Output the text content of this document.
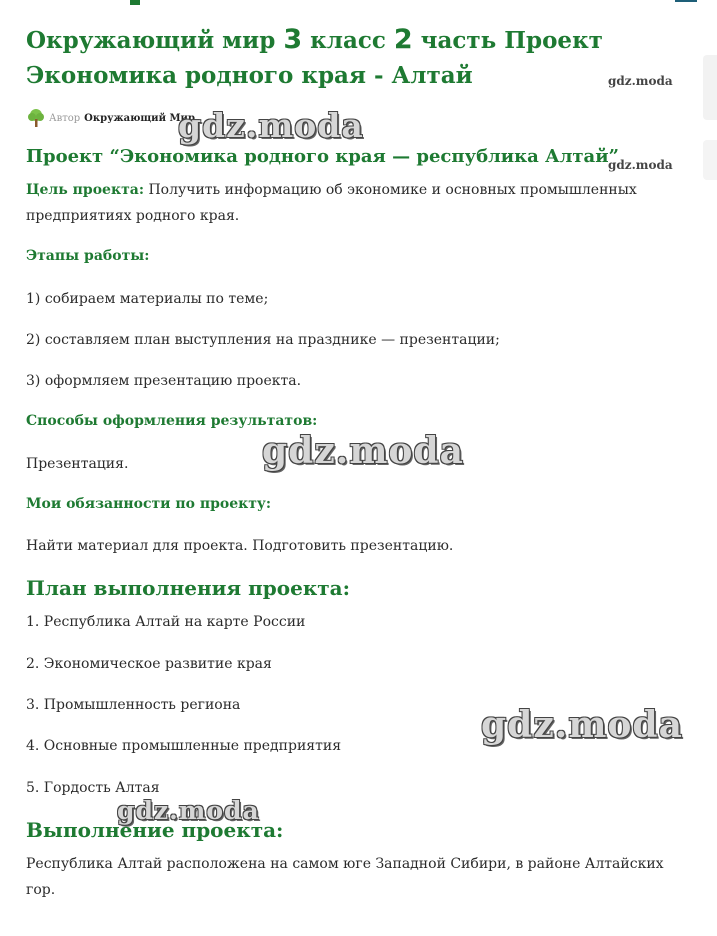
Окружающий мир 3 класс 2 часть Проект
Экономика родного края - Алтай	gdz.moda
Автор Окружающий Мир
gdz.moda
Проект “Экономика родного края — республика Алтай”
gdz.moda

Цель проекта: Получить информацию об экономике и основных промышленных предприятиях родного края.

Этапы работы:

1) собираем материалы по теме;

2) составляем план выступления на празднике — презентации;

3) оформляем презентацию проекта.

Способы оформления результатов:

gdz.moda

Презентация.

Мои обязанности по проекту:

Найти материал для проекта. Подготовить презентацию.

План выполнения проекта:

1. Республика Алтай на карте России

2. Экономическое развитие края

3. Промышленность региона	gdz.moda

4. Основные промышленные предприятия

5. Гордость Алтая

gdz.moda
Выполнение проекта:

Республика Алтай расположена на самом юге Западной Сибири, в районе Алтайских гор.
